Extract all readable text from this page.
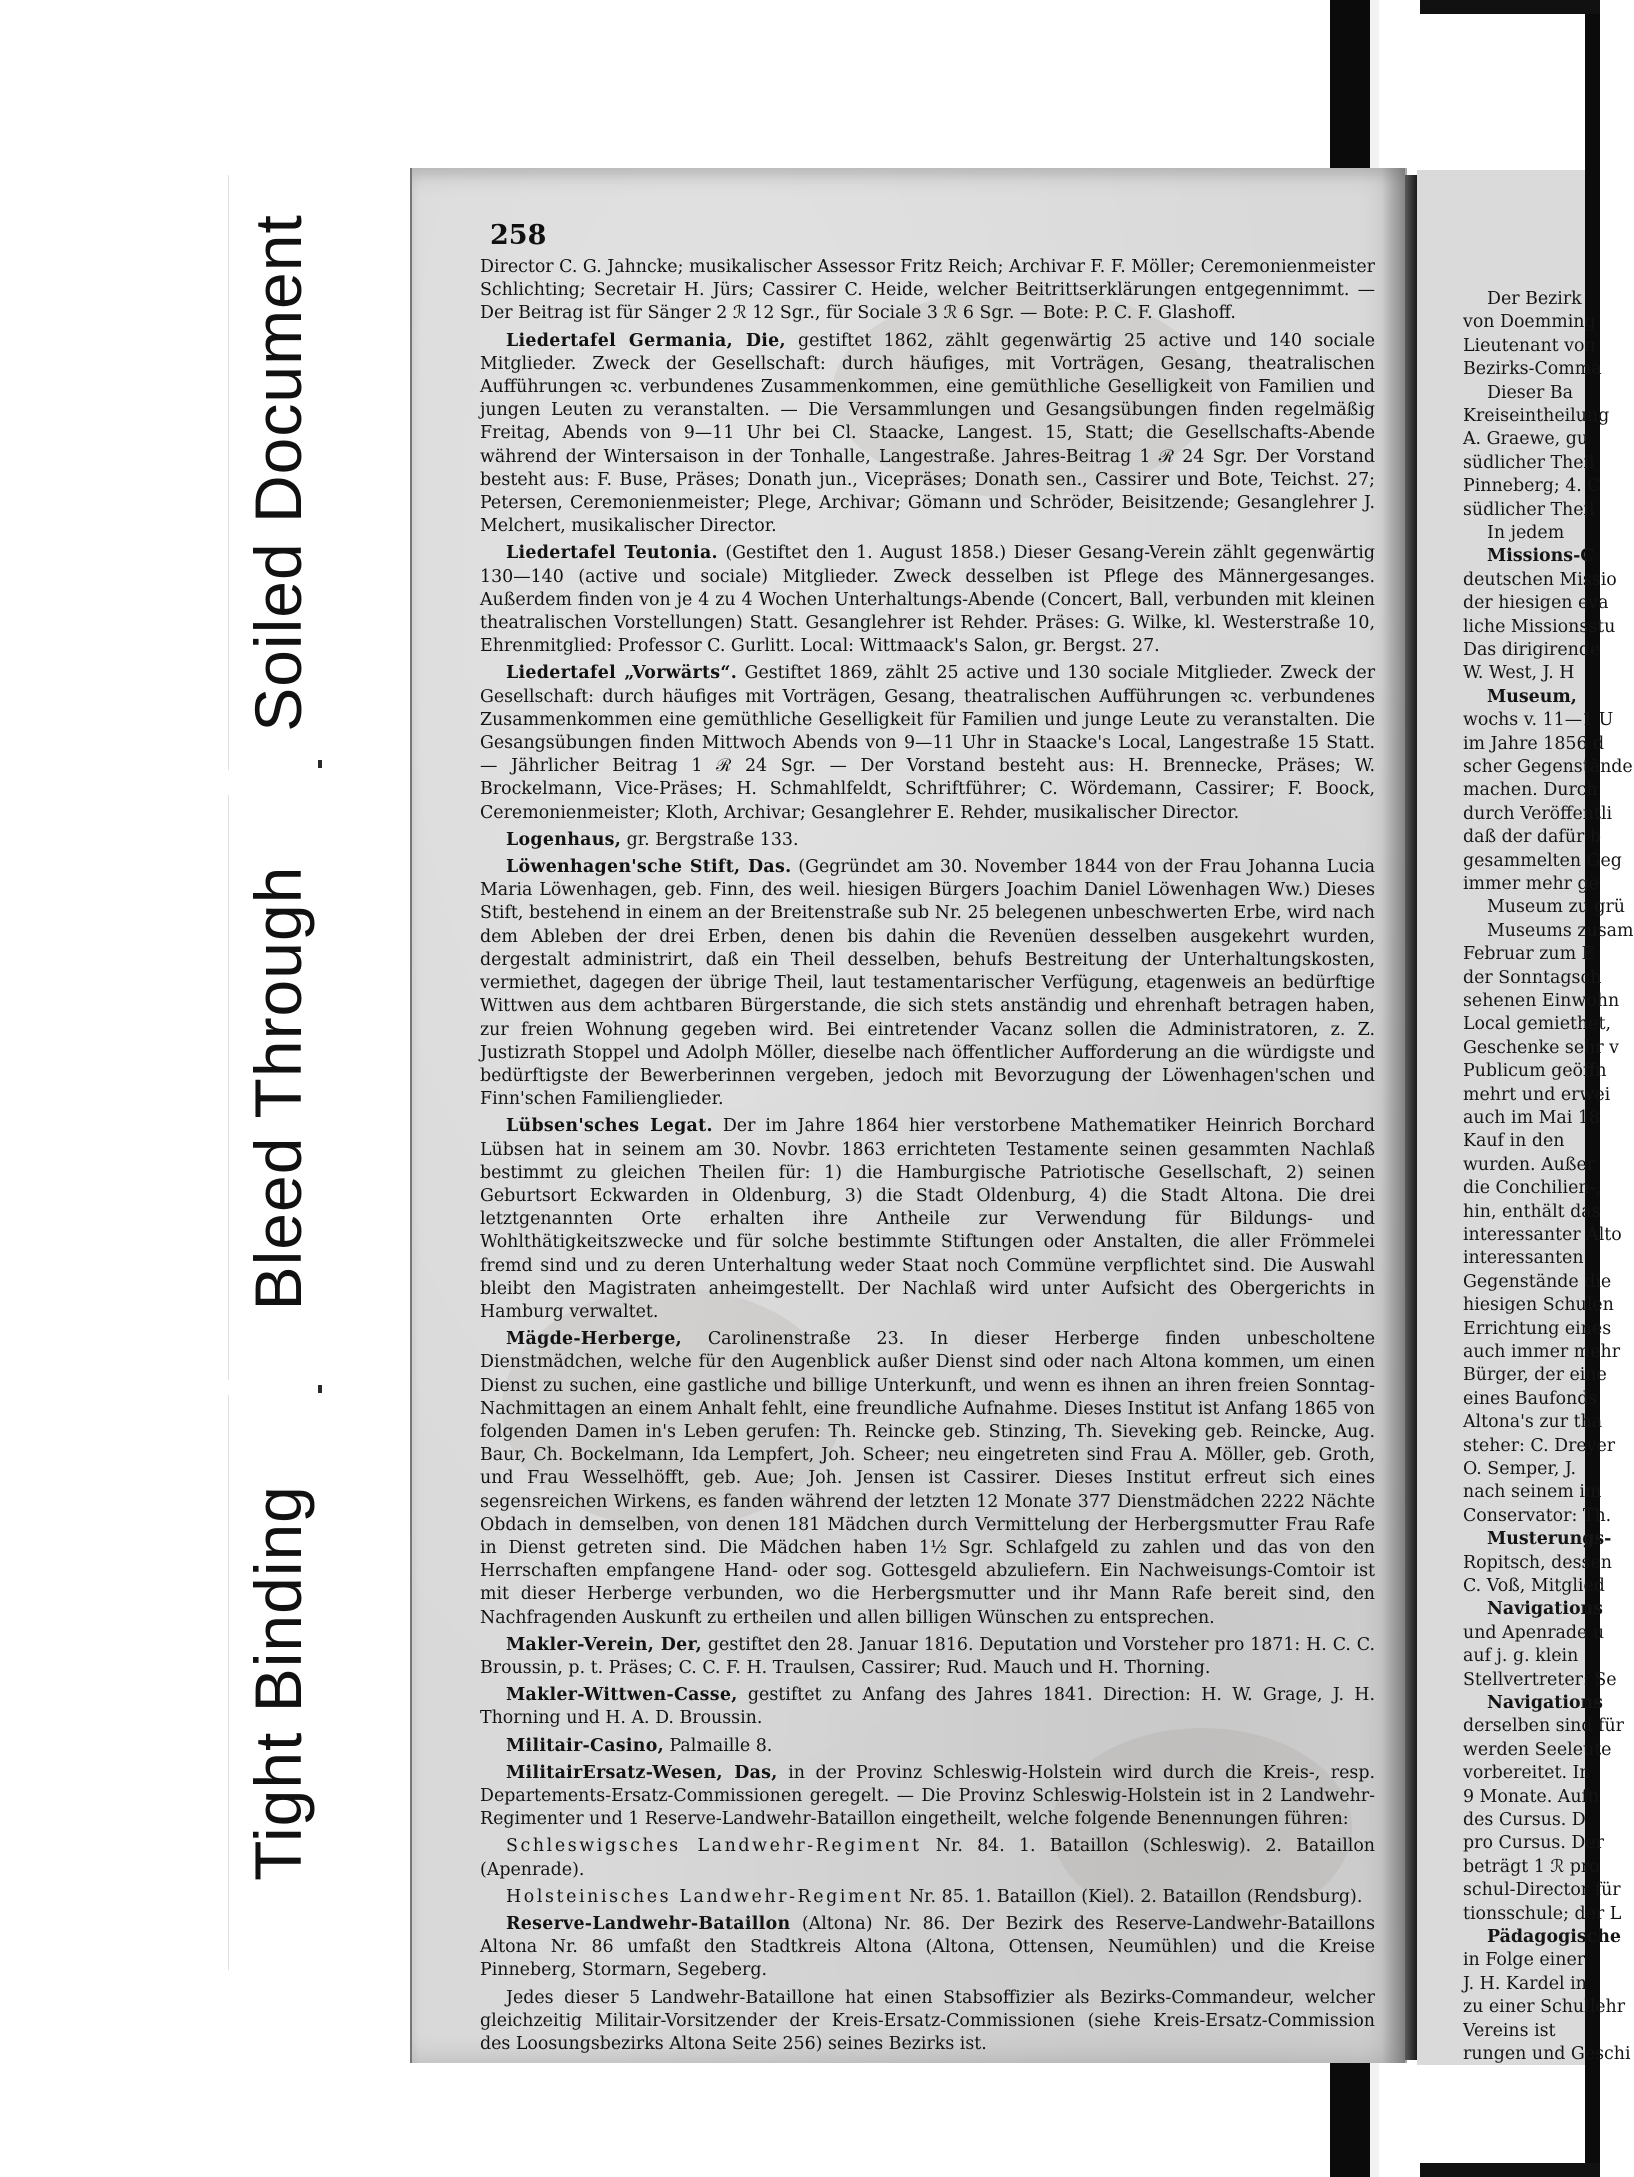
Soiled Document
Bleed Through
Tight Binding
258

Director C. G. Jahncke; musikalischer Assessor Fritz Reich; Archivar F. F. Möller; Ceremonienmeister Schlichting; Secretair H. Jürs; Cassirer C. Heide, welcher Beitrittserklärungen entgegennimmt. — Der Beitrag ist für Sänger 2 ℛ 12 Sgr., für Sociale 3 ℛ 6 Sgr. — Bote: P. C. F. Glashoff.

Liedertafel Germania, Die, gestiftet 1862, zählt gegenwärtig 25 active und 140 sociale Mitglieder. Zweck der Gesellschaft: durch häufiges, mit Vorträgen, Gesang, theatralischen Aufführungen ꝛc. verbundenes Zusammenkommen, eine gemüthliche Geselligkeit von Familien und jungen Leuten zu veranstalten. — Die Versammlungen und Gesangsübungen finden regelmäßig Freitag, Abends von 9—11 Uhr bei Cl. Staacke, Langest. 15, Statt; die Gesellschafts-Abende während der Wintersaison in der Tonhalle, Langestraße. Jahres-Beitrag 1 ℛ 24 Sgr. Der Vorstand besteht aus: F. Buse, Präses; Donath jun., Vicepräses; Donath sen., Cassirer und Bote, Teichst. 27; Petersen, Ceremonienmeister; Plege, Archivar; Gömann und Schröder, Beisitzende; Gesanglehrer J. Melchert, musikalischer Director.

Liedertafel Teutonia. (Gestiftet den 1. August 1858.) Dieser Gesang-Verein zählt gegenwärtig 130—140 (active und sociale) Mitglieder. Zweck desselben ist Pflege des Männergesanges. Außerdem finden von je 4 zu 4 Wochen Unterhaltungs-Abende (Concert, Ball, verbunden mit kleinen theatralischen Vorstellungen) Statt. Gesanglehrer ist Rehder. Präses: G. Wilke, kl. Westerstraße 10, Ehrenmitglied: Professor C. Gurlitt. Local: Wittmaack's Salon, gr. Bergst. 27.

Liedertafel „Vorwärts“. Gestiftet 1869, zählt 25 active und 130 sociale Mitglieder. Zweck der Gesellschaft: durch häufiges mit Vorträgen, Gesang, theatralischen Aufführungen ꝛc. verbundenes Zusammenkommen eine gemüthliche Geselligkeit für Familien und junge Leute zu veranstalten. Die Gesangsübungen finden Mittwoch Abends von 9—11 Uhr in Staacke's Local, Langestraße 15 Statt. — Jährlicher Beitrag 1 ℛ 24 Sgr. — Der Vorstand besteht aus: H. Brennecke, Präses; W. Brockelmann, Vice-Präses; H. Schmahlfeldt, Schriftführer; C. Wördemann, Cassirer; F. Boock, Ceremonienmeister; Kloth, Archivar; Gesanglehrer E. Rehder, musikalischer Director.

Logenhaus, gr. Bergstraße 133.

Löwenhagen'sche Stift, Das. (Gegründet am 30. November 1844 von der Frau Johanna Lucia Maria Löwenhagen, geb. Finn, des weil. hiesigen Bürgers Joachim Daniel Löwenhagen Ww.) Dieses Stift, bestehend in einem an der Breitenstraße sub Nr. 25 belegenen unbeschwerten Erbe, wird nach dem Ableben der drei Erben, denen bis dahin die Revenüen desselben ausgekehrt wurden, dergestalt administrirt, daß ein Theil desselben, behufs Bestreitung der Unterhaltungskosten, vermiethet, dagegen der übrige Theil, laut testamentarischer Verfügung, etagenweis an bedürftige Wittwen aus dem achtbaren Bürgerstande, die sich stets anständig und ehrenhaft betragen haben, zur freien Wohnung gegeben wird. Bei eintretender Vacanz sollen die Administratoren, z. Z. Justizrath Stoppel und Adolph Möller, dieselbe nach öffentlicher Aufforderung an die würdigste und bedürftigste der Bewerberinnen vergeben, jedoch mit Bevorzugung der Löwenhagen'schen und Finn'schen Familienglieder.

Lübsen'sches Legat. Der im Jahre 1864 hier verstorbene Mathematiker Heinrich Borchard Lübsen hat in seinem am 30. Novbr. 1863 errichteten Testamente seinen gesammten Nachlaß bestimmt zu gleichen Theilen für: 1) die Hamburgische Patriotische Gesellschaft, 2) seinen Geburtsort Eckwarden in Oldenburg, 3) die Stadt Oldenburg, 4) die Stadt Altona. Die drei letztgenannten Orte erhalten ihre Antheile zur Verwendung für Bildungs- und Wohlthätigkeitszwecke und für solche bestimmte Stiftungen oder Anstalten, die aller Frömmelei fremd sind und zu deren Unterhaltung weder Staat noch Commüne verpflichtet sind. Die Auswahl bleibt den Magistraten anheimgestellt. Der Nachlaß wird unter Aufsicht des Obergerichts in Hamburg verwaltet.

Mägde-Herberge, Carolinenstraße 23. In dieser Herberge finden unbescholtene Dienstmädchen, welche für den Augenblick außer Dienst sind oder nach Altona kommen, um einen Dienst zu suchen, eine gastliche und billige Unterkunft, und wenn es ihnen an ihren freien Sonntag-Nachmittagen an einem Anhalt fehlt, eine freundliche Aufnahme. Dieses Institut ist Anfang 1865 von folgenden Damen in's Leben gerufen: Th. Reincke geb. Stinzing, Th. Sieveking geb. Reincke, Aug. Baur, Ch. Bockelmann, Ida Lempfert, Joh. Scheer; neu eingetreten sind Frau A. Möller, geb. Groth, und Frau Wesselhöfft, geb. Aue; Joh. Jensen ist Cassirer. Dieses Institut erfreut sich eines segensreichen Wirkens, es fanden während der letzten 12 Monate 377 Dienstmädchen 2222 Nächte Obdach in demselben, von denen 181 Mädchen durch Vermittelung der Herbergsmutter Frau Rafe in Dienst getreten sind. Die Mädchen haben 1½ Sgr. Schlafgeld zu zahlen und das von den Herrschaften empfangene Hand- oder sog. Gottesgeld abzuliefern. Ein Nachweisungs-Comtoir ist mit dieser Herberge verbunden, wo die Herbergsmutter und ihr Mann Rafe bereit sind, den Nachfragenden Auskunft zu ertheilen und allen billigen Wünschen zu entsprechen.

Makler-Verein, Der, gestiftet den 28. Januar 1816. Deputation und Vorsteher pro 1871: H. C. C. Broussin, p. t. Präses; C. C. F. H. Traulsen, Cassirer; Rud. Mauch und H. Thorning.

Makler-Wittwen-Casse, gestiftet zu Anfang des Jahres 1841. Direction: H. W. Grage, J. H. Thorning und H. A. D. Broussin.

Militair-Casino, Palmaille 8.

MilitairErsatz-Wesen, Das, in der Provinz Schleswig-Holstein wird durch die Kreis-, resp. Departements-Ersatz-Commissionen geregelt. — Die Provinz Schleswig-Holstein ist in 2 Landwehr-Regimenter und 1 Reserve-Landwehr-Bataillon eingetheilt, welche folgende Benennungen führen:

Schleswigsches Landwehr-Regiment Nr. 84. 1. Bataillon (Schleswig). 2. Bataillon (Apenrade).

Holsteinisches Landwehr-Regiment Nr. 85. 1. Bataillon (Kiel). 2. Bataillon (Rendsburg).

Reserve-Landwehr-Bataillon (Altona) Nr. 86. Der Bezirk des Reserve-Landwehr-Bataillons Altona Nr. 86 umfaßt den Stadtkreis Altona (Altona, Ottensen, Neumühlen) und die Kreise Pinneberg, Stormarn, Segeberg.

Jedes dieser 5 Landwehr-Bataillone hat einen Stabsoffizier als Bezirks-Commandeur, welcher gleichzeitig Militair-Vorsitzender der Kreis-Ersatz-Commissionen (siehe Kreis-Ersatz-Commission des Loosungsbezirks Altona Seite 256) seines Bezirks ist.

Der Bezirk
von Doemming
Lieutenant von
Bezirks-Comma
Dieser Ba
Kreiseintheilung
A. Graewe, gu
südlicher Theil
Pinneberg; 4. C
südlicher Theil
In jedem
Missions-C
deutschen Missio
der hiesigen eva
liche Missionsstu
Das dirigirende
W. West, J. H
Museum,
wochs v. 11—1 U
im Jahre 1856 d
scher Gegenstände
machen. Durch
durch Veröffentli
daß der dafür b
gesammelten Geg
immer mehr ge
Museum zu grü
Museums zusam
Februar zum E
der Sonntagsch
sehenen Einwohn
Local gemiethet,
Geschenke sehr v
Publicum geöffn
mehrt und erwei
auch im Mai 18
Kauf in den
wurden. Außer
die Conchilien-,
hin, enthält das
interessanter Alto
interessanten
Gegenstände die
hiesigen Schulen
Errichtung eines
auch immer mehr
Bürger, der eine
eines Baufonds
Altona's zur tha
steher: C. Dreyer
O. Semper, J.
nach seinem im
Conservator: Th.
Musterungs-
Ropitsch, dessen
C. Voß, Mitglied
Navigations
und Apenrade u
auf j. g. klein
Stellvertreter: Se
Navigations
derselben sind für
werden Seeleute
vorbereitet. In
9 Monate. Aufn
des Cursus. D
pro Cursus. Der
beträgt 1 ℛ pro
schul-Director für
tionsschule; der L
Pädagogische
in Folge einer
J. H. Kardel in
zu einer Schullehr
Vereins ist
rungen und Geschi
